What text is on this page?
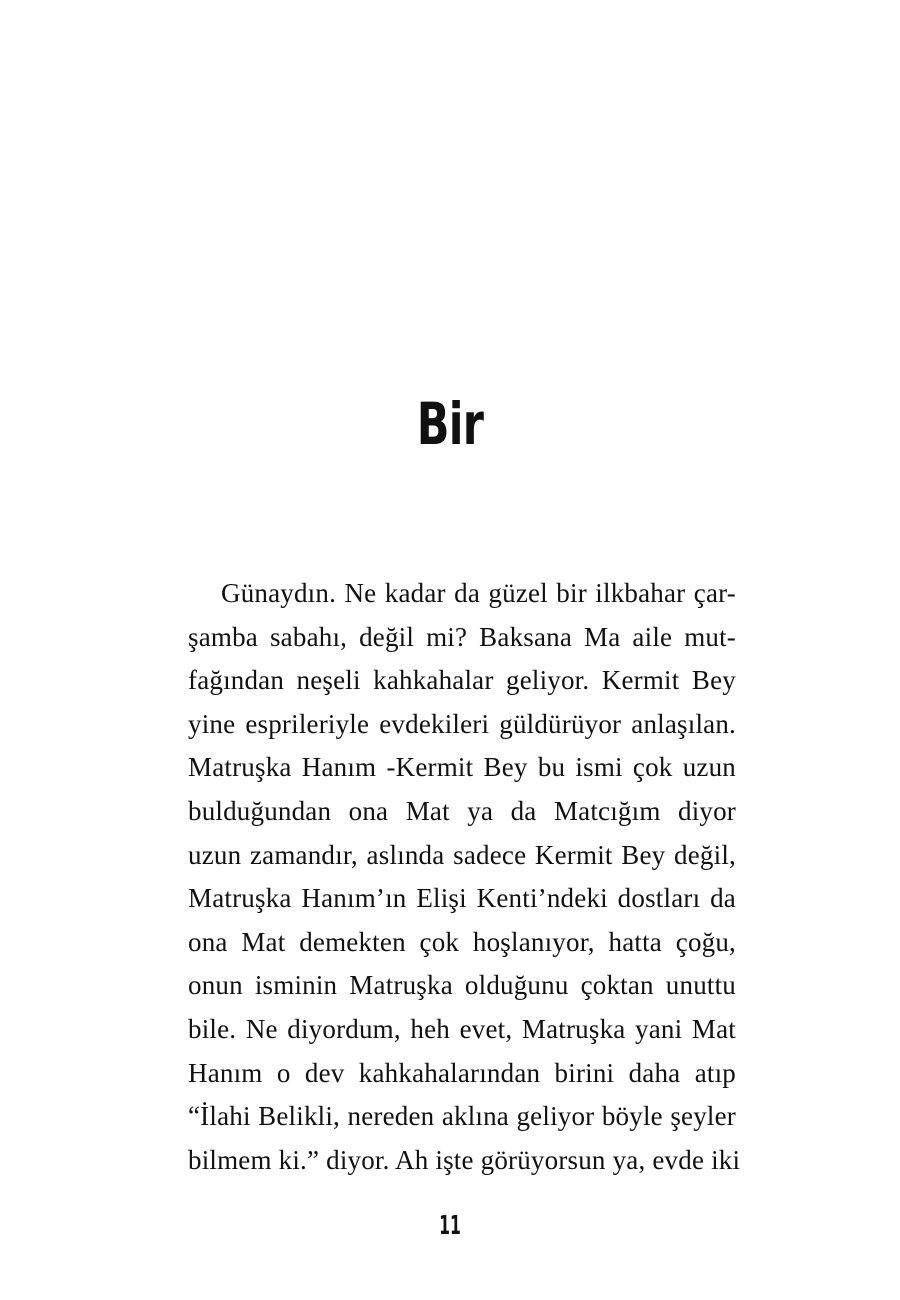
Bir
Günaydın. Ne kadar da güzel bir ilkbahar çar-
şamba sabahı, değil mi? Baksana Ma aile mut-
fağından neşeli kahkahalar geliyor. Kermit Bey
yine esprileriyle evdekileri güldürüyor anlaşılan.
Matruşka Hanım -Kermit Bey bu ismi çok uzun
bulduğundan ona Mat ya da Matcığım diyor
uzun zamandır, aslında sadece Kermit Bey değil,
Matruşka Hanım’ın Elişi Kenti’ndeki dostları da
ona Mat demekten çok hoşlanıyor, hatta çoğu,
onun isminin Matruşka olduğunu çoktan unuttu
bile. Ne diyordum, heh evet, Matruşka yani Mat
Hanım o dev kahkahalarından birini daha atıp
“İlahi Belikli, nereden aklına geliyor böyle şeyler
bilmem ki.” diyor. Ah işte görüyorsun ya, evde iki
11
